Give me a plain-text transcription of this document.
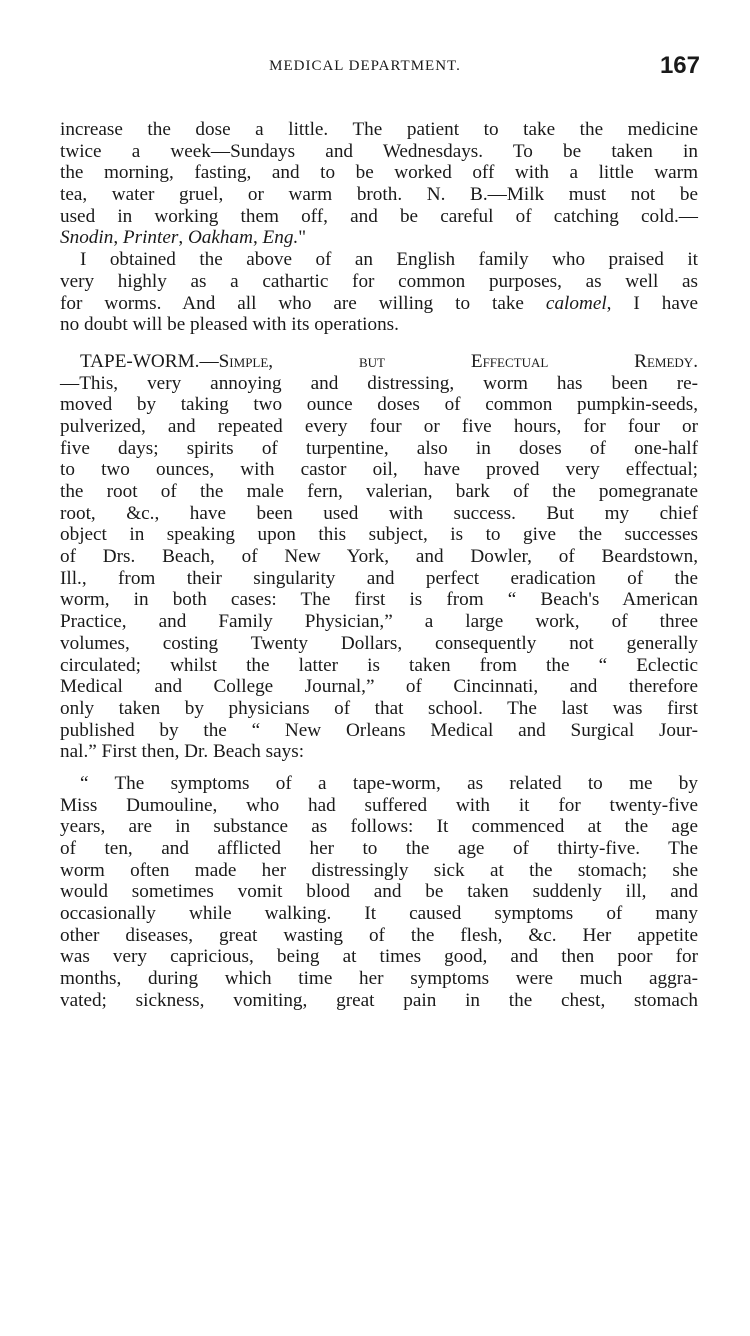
MEDICAL DEPARTMENT.	167
increase the dose a little. The patient to take the medicine
twice a week—Sundays and Wednesdays. To be taken in
the morning, fasting, and to be worked off with a little warm
tea, water gruel, or warm broth. N. B.—Milk must not be
used in working them off, and be careful of catching cold.—
Snodin, Printer, Oakham, Eng."
I obtained the above of an English family who praised it
very highly as a cathartic for common purposes, as well as
for worms. And all who are willing to take calomel, I have
no doubt will be pleased with its operations.
TAPE-WORM.—Simple, but Effectual Remedy.
—This, very annoying and distressing, worm has been re-
moved by taking two ounce doses of common pumpkin-seeds,
pulverized, and repeated every four or five hours, for four or
five days; spirits of turpentine, also in doses of one-half
to two ounces, with castor oil, have proved very effectual;
the root of the male fern, valerian, bark of the pomegranate
root, &c., have been used with success. But my chief
object in speaking upon this subject, is to give the successes
of Drs. Beach, of New York, and Dowler, of Beardstown,
Ill., from their singularity and perfect eradication of the
worm, in both cases: The first is from “ Beach's American
Practice, and Family Physician,” a large work, of three
volumes, costing Twenty Dollars, consequently not generally
circulated; whilst the latter is taken from the “ Eclectic
Medical and College Journal,” of Cincinnati, and therefore
only taken by physicians of that school. The last was first
published by the “ New Orleans Medical and Surgical Jour-
nal.” First then, Dr. Beach says:
“ The symptoms of a tape-worm, as related to me by
Miss Dumouline, who had suffered with it for twenty-five
years, are in substance as follows: It commenced at the age
of ten, and afflicted her to the age of thirty-five. The
worm often made her distressingly sick at the stomach; she
would sometimes vomit blood and be taken suddenly ill, and
occasionally while walking. It caused symptoms of many
other diseases, great wasting of the flesh, &c. Her appetite
was very capricious, being at times good, and then poor for
months, during which time her symptoms were much aggra-
vated; sickness, vomiting, great pain in the chest, stomach
